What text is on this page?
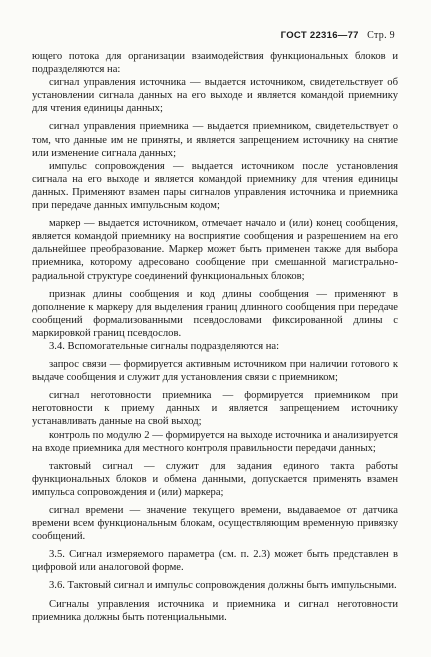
ГОСТ 22316—77 Стр. 9

ющего потока для организации взаимодействия функциональных блоков и подразделяются на:

сигнал управления источника — выдается источником, свидетельствует об установлении сигнала данных на его выходе и является командой приемнику для чтения единицы данных;

сигнал управления приемника — выдается приемником, свидетельствует о том, что данные им не приняты, и является запрещением источнику на снятие или изменение сигнала данных;

импульс сопровождения — выдается источником после установления сигнала на его выходе и является командой приемнику для чтения единицы данных. Применяют взамен пары сигналов управления источника и приемника при передаче данных импульсным кодом;

маркер — выдается источником, отмечает начало и (или) конец сообщения, является командой приемнику на восприятие сообщения и разрешением на его дальнейшее преобразование. Маркер может быть применен также для выбора приемника, которому адресовано сообщение при смешанной магистрально-радиальной структуре соединений функциональных блоков;

признак длины сообщения и код длины сообщения — применяют в дополнение к маркеру для выделения границ длинного сообщения при передаче сообщений формализованными псевдословами фиксированной длины с маркировкой границ псевдослов.

3.4. Вспомогательные сигналы подразделяются на:

запрос связи — формируется активным источником при наличии готового к выдаче сообщения и служит для установления связи с приемником;

сигнал неготовности приемника — формируется приемником при неготовности к приему данных и является запрещением источнику устанавливать данные на свой выход;

контроль по модулю 2 — формируется на выходе источника и анализируется на входе приемника для местного контроля правильности передачи данных;

тактовый сигнал — служит для задания единого такта работы функциональных блоков и обмена данными, допускается применять взамен импульса сопровождения и (или) маркера;

сигнал времени — значение текущего времени, выдаваемое от датчика времени всем функциональным блокам, осуществляющим временную привязку сообщений.

3.5. Сигнал измеряемого параметра (см. п. 2.3) может быть представлен в цифровой или аналоговой форме.

3.6. Тактовый сигнал и импульс сопровождения должны быть импульсными.

Сигналы управления источника и приемника и сигнал неготовности приемника должны быть потенциальными.
